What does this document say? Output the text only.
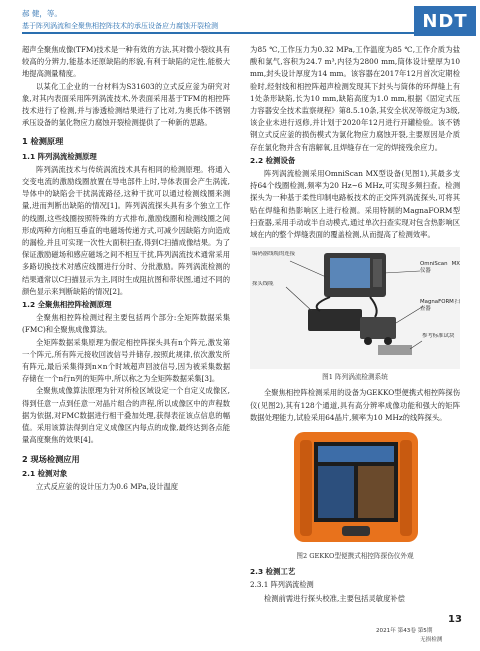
郝 健，等。
基于阵列涡流和全聚焦相控阵技术的承压设备应力腐蚀开裂检测	NDT

超声全聚焦成像(TFM)技术是一种有效的方法,其对微小裂纹具有较高的分辨力,能基本还原缺陷的形貌,有利于缺陷的定性,能极大地提高测量精度。

以某化工企业的一台材料为S31603的立式反应釜为研究对象,对其内表面采用阵列涡流技术,外表面采用基于TFM的相控阵技术进行了检测,并与渗透检测结果进行了比对,为奥氏体不锈钢承压设备的氯化物应力腐蚀开裂检测提供了一种新的思路。

1 检测原理
1.1 阵列涡流检测原理

阵列涡流技术与传统涡流技术具有相同的检测原理。将通入交变电流的激励线圈放置在导电部件上时,导体表面会产生涡流,导体中的缺陷会干扰涡流路径,这种干扰可以通过检测线圈来测量,进而判断出缺陷的情况[1]。阵列涡流探头具有多个独立工作的线圈,这些线圈按照特殊的方式排布,激励线圈和检测线圈之间形成两种方向相互垂直的电磁场传递方式,可减少因缺陷方向造成的漏检,并且可实现一次性大面积扫查,得到C扫描成像结果。为了保证激励磁场和感应磁场之间不相互干扰,阵列涡流技术通常采用多路切换技术对感应线圈进行分时、分批激励。阵列涡流检测的结果通常以C扫描显示为主,同时生成阻抗图和带状图,通过不同的颜色显示来判断缺陷的情况[2]。

1.2 全聚焦相控阵检测原理

全聚焦相控阵检测过程主要包括两个部分:全矩阵数据采集(FMC)和全聚焦成像算法。

全矩阵数据采集原理为假定相控阵探头具有n个阵元,激发第一个阵元,所有阵元接收回波信号并储存,按照此规律,依次激发所有阵元,最后采集得到n×n个时域超声回波信号,因为被采集数据存储在一个n行n列的矩阵中,所以称之为全矩阵数据采集[3]。

全聚焦成像算法原理为针对所检区域设定一个自定义成像区,得到任意一点到任意一对晶片组合的声程,所以成像区中的声程数据为依据,对FMC数据进行相干叠加处理,获得表征该点信息的幅值。采用该算法得到自定义成像区内每点的成像,最终达到各点能量高度聚焦的效果[4]。

2 现场检测应用
2.1 检测对象

立式反应釜的设计压力为0.6 MPa,设计温度

为85 ℃,工作压力为0.32 MPa,工作温度为85 ℃,工作介质为盐酸和氯气,容积为24.7 m³,内径为2800 mm,筒体设计壁厚为10 mm,封头设计厚度为14 mm。该容器在2017年12月首次定期检验时,经射线和相控阵超声检测发现其下封头与筒体的环焊缝上有1处条形缺陷,长为10 mm,缺陷高度为1.0 mm,根据《固定式压力容器安全技术监察规程》第8.5.10条,其安全状况等级定为3级,该企业未进行返修,并计划于2020年12月进行开罐检验。该不锈钢立式反应釜的损伤模式为氯化物应力腐蚀开裂,主要原因是介质存在氯化物并含有溶解氧,且焊缝存在一定的焊接残余应力。

2.2 检测设备

阵列涡流检测采用OmniScan MX型设备(见图1),其最多支持64个线圈检测,频率为20 Hz~6 MHz,可实现多频扫查。检测探头为一种基于柔性印制电路板技术的正交阵列涡流探头,可将其贴在焊缝和热影响区上进行检测。采用特制的MagnaFORM型扫查器,采用手动或半自动模式,通过单次扫查实现对包含热影响区域在内的整个焊缝表面的覆盖检测,从而提高了检测效率。

编码器线缆的连接
探头线缆
OmniScan MX仪器
MagnaFORM扫查器
参考标准试块
图1 阵列涡流检测系统

全聚焦相控阵检测采用的设备为GEKKO型便携式相控阵探伤仪(见图2),其有128个通道,具有高分辨率成像功能和强大的矩阵数据处理能力,试验采用64晶片,频率为10 MHz的线阵探头。

图2 GEKKO型便携式相控阵探伤仪外观
2.3 检测工艺
2.3.1 阵列涡流检测

检测前需进行探头校准,主要包括灵敏度补偿

13
2021年 第43卷 第5期
无损检测
